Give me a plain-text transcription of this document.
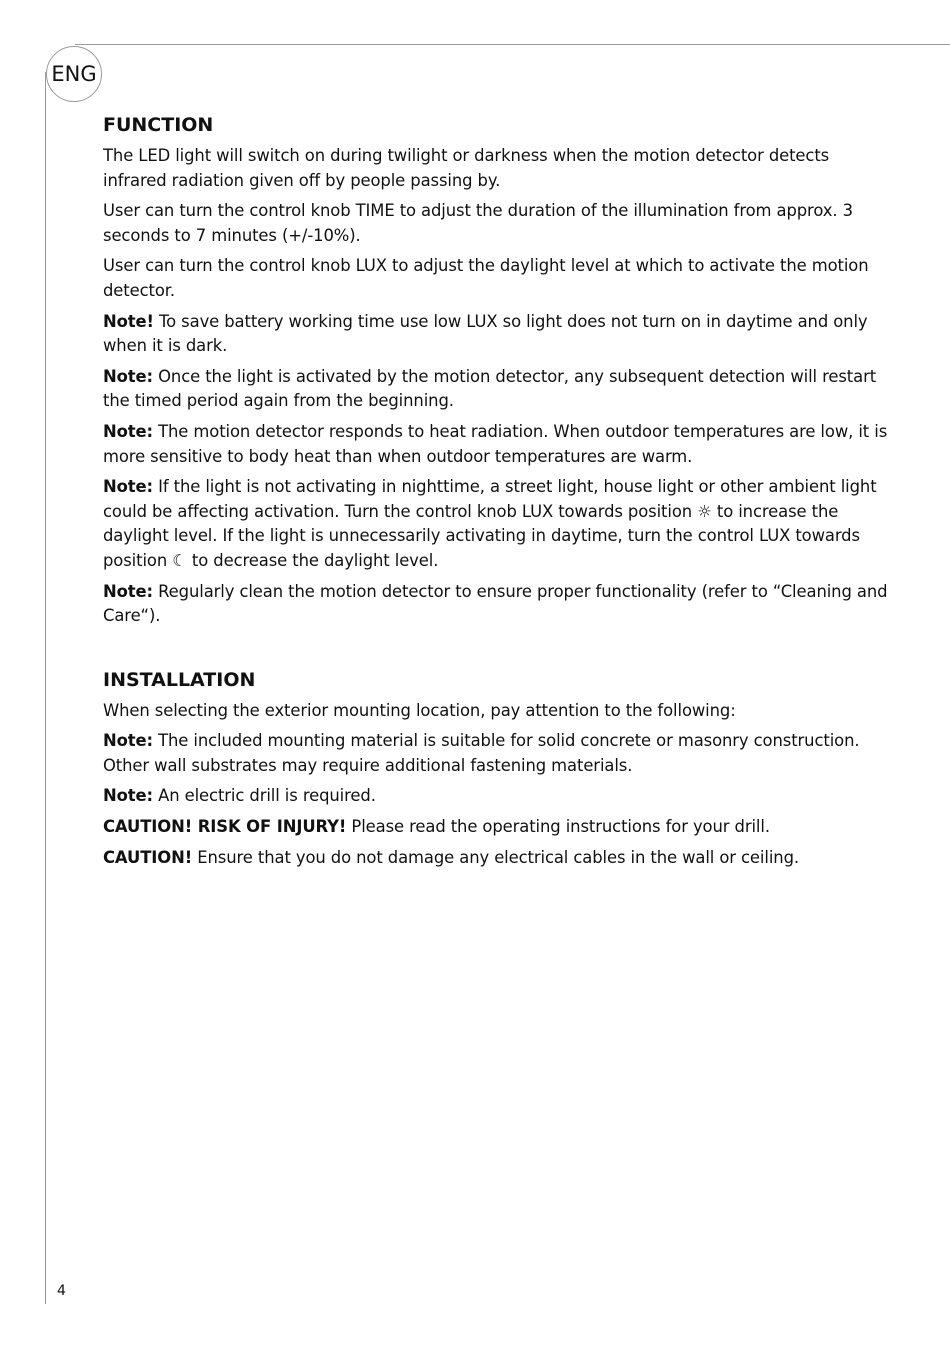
ENG
FUNCTION

The LED light will switch on during twilight or darkness when the motion detector detects infrared radiation given off by people passing by.

User can turn the control knob TIME to adjust the duration of the illumination from approx. 3 seconds to 7 minutes (+/-10%).

User can turn the control knob LUX to adjust the daylight level at which to activate the motion detector.

Note! To save battery working time use low LUX so light does not turn on in daytime and only when it is dark.

Note: Once the light is activated by the motion detector, any subsequent detection will restart the timed period again from the beginning.

Note: The motion detector responds to heat radiation. When outdoor temperatures are low, it is more sensitive to body heat than when outdoor temperatures are warm.

Note: If the light is not activating in nighttime, a street light, house light or other ambient light could be affecting activation. Turn the control knob LUX towards position ☼ to increase the daylight level. If the light is unnecessarily activating in daytime, turn the control LUX towards position ☾ to decrease the daylight level.

Note: Regularly clean the motion detector to ensure proper functionality (refer to “Cleaning and Care“).

INSTALLATION

When selecting the exterior mounting location, pay attention to the following:

Note: The included mounting material is suitable for solid concrete or masonry construction. Other wall substrates may require additional fastening materials.

Note: An electric drill is required.

CAUTION! RISK OF INJURY! Please read the operating instructions for your drill.

CAUTION! Ensure that you do not damage any electrical cables in the wall or ceiling.

4
